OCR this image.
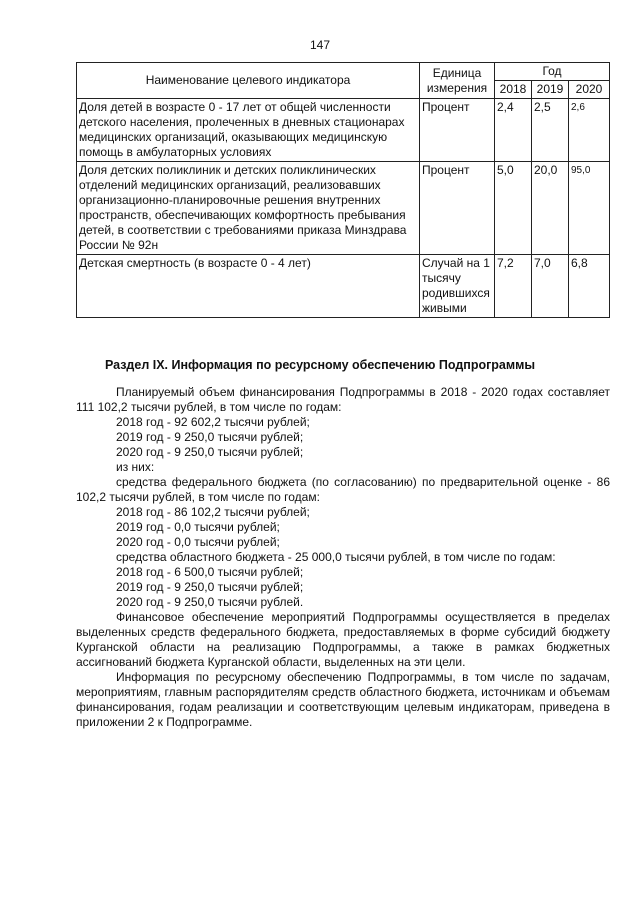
147
Наименование целевого индикатора	Единица измерения	Год		
		2018	2019	2020
Доля детей в возрасте 0 - 17 лет от общей численности детского населения, пролеченных в дневных стационарах медицинских организаций, оказывающих медицинскую помощь в амбулаторных условиях	Процент	2,4	2,5	2,6
Доля детских поликлиник и детских поликлинических отделений медицинских организаций, реализовавших организационно-планировочные решения внутренних пространств, обеспечивающих комфортность пребывания детей, в соответствии с требованиями приказа Минздрава России № 92н	Процент	5,0	20,0	95,0
Детская смертность (в возрасте 0 - 4 лет)	Случай на 1 тысячу родившихся живыми	7,2	7,0	6,8
Раздел IX. Информация по ресурсному обеспечению Подпрограммы

Планируемый объем финансирования Подпрограммы в 2018 - 2020 годах составляет 111 102,2 тысячи рублей, в том числе по годам:

2018 год - 92 602,2 тысячи рублей;

2019 год - 9 250,0 тысячи рублей;

2020 год - 9 250,0 тысячи рублей;

из них:

средства федерального бюджета (по согласованию) по предварительной оценке - 86 102,2 тысячи рублей, в том числе по годам:

2018 год - 86 102,2 тысячи рублей;

2019 год - 0,0 тысячи рублей;

2020 год - 0,0 тысячи рублей;

средства областного бюджета - 25 000,0 тысячи рублей, в том числе по годам:

2018 год - 6 500,0 тысячи рублей;

2019 год - 9 250,0 тысячи рублей;

2020 год - 9 250,0 тысячи рублей.

Финансовое обеспечение мероприятий Подпрограммы осуществляется в пределах выделенных средств федерального бюджета, предоставляемых в форме субсидий бюджету Курганской области на реализацию Подпрограммы, а также в рамках бюджетных ассигнований бюджета Курганской области, выделенных на эти цели.

Информация по ресурсному обеспечению Подпрограммы, в том числе по задачам, мероприятиям, главным распорядителям средств областного бюджета, источникам и объемам финансирования, годам реализации и соответствующим целевым индикаторам, приведена в приложении 2 к Подпрограмме.
